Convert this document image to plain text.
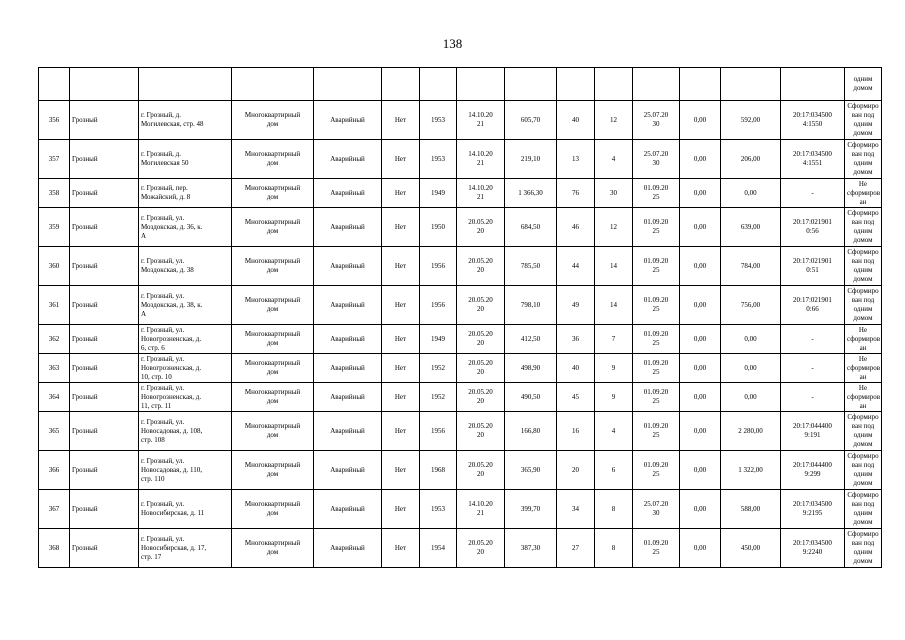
138
															одним
домом
356	Грозный	г. Грозный, д.
Могилевская, стр. 48	Многоквартирный
дом	Аварийный	Нет	1953	14.10.20
21	605,70	40	12	25.07.20
30	0,00	592,00	20:17:034500
4:1550	Сформиро
ван под
одним
домом
357	Грозный	г. Грозный, д.
Могилевская 50	Многоквартирный
дом	Аварийный	Нет	1953	14.10.20
21	219,10	13	4	25.07.20
30	0,00	206,00	20:17:034500
4:1551	Сформиро
ван под
одним
домом
358	Грозный	г. Грозный, пер.
Можайский, д. 8	Многоквартирный
дом	Аварийный	Нет	1949	14.10.20
21	1 366,30	76	30	01.09.20
25	0,00	0,00	-	Не
сформиров
ан
359	Грозный	г. Грозный, ул.
Моздокская, д. 36, к.
А	Многоквартирный
дом	Аварийный	Нет	1950	20.05.20
20	684,50	46	12	01.09.20
25	0,00	639,00	20:17:021901
0:56	Сформиро
ван под
одним
домом
360	Грозный	г. Грозный, ул.
Моздокская, д. 38	Многоквартирный
дом	Аварийный	Нет	1956	20.05.20
20	785,50	44	14	01.09.20
25	0,00	784,00	20:17:021901
0:51	Сформиро
ван под
одним
домом
361	Грозный	г. Грозный, ул.
Моздокская, д. 38, к.
А	Многоквартирный
дом	Аварийный	Нет	1956	20.05.20
20	798,10	49	14	01.09.20
25	0,00	756,00	20:17:021901
0:66	Сформиро
ван под
одним
домом
362	Грозный	г. Грозный, ул.
Новогрозненская, д.
6, стр. 6	Многоквартирный
дом	Аварийный	Нет	1949	20.05.20
20	412,50	36	7	01.09.20
25	0,00	0,00	-	Не
сформиров
ан
363	Грозный	г. Грозный, ул.
Новогрозненская, д.
10, стр. 10	Многоквартирный
дом	Аварийный	Нет	1952	20.05.20
20	498,90	40	9	01.09.20
25	0,00	0,00	-	Не
сформиров
ан
364	Грозный	г. Грозный, ул.
Новогрозненская, д.
11, стр. 11	Многоквартирный
дом	Аварийный	Нет	1952	20.05.20
20	490,50	45	9	01.09.20
25	0,00	0,00	-	Не
сформиров
ан
365	Грозный	г. Грозный, ул.
Новосадовая, д. 108,
стр. 108	Многоквартирный
дом	Аварийный	Нет	1956	20.05.20
20	166,80	16	4	01.09.20
25	0,00	2 280,00	20:17:044400
9:191	Сформиро
ван под
одним
домом
366	Грозный	г. Грозный, ул.
Новосадовая, д. 110,
стр. 110	Многоквартирный
дом	Аварийный	Нет	1968	20.05.20
20	365,90	20	6	01.09.20
25	0,00	1 322,00	20:17:044400
9:299	Сформиро
ван под
одним
домом
367	Грозный	г. Грозный, ул.
Новосибирская, д. 11	Многоквартирный
дом	Аварийный	Нет	1953	14.10.20
21	399,70	34	8	25.07.20
30	0,00	588,00	20:17:034500
9:2195	Сформиро
ван под
одним
домом
368	Грозный	г. Грозный, ул.
Новосибирская, д. 17,
стр. 17	Многоквартирный
дом	Аварийный	Нет	1954	20.05.20
20	387,30	27	8	01.09.20
25	0,00	450,00	20:17:034500
9:2240	Сформиро
ван под
одним
домом
